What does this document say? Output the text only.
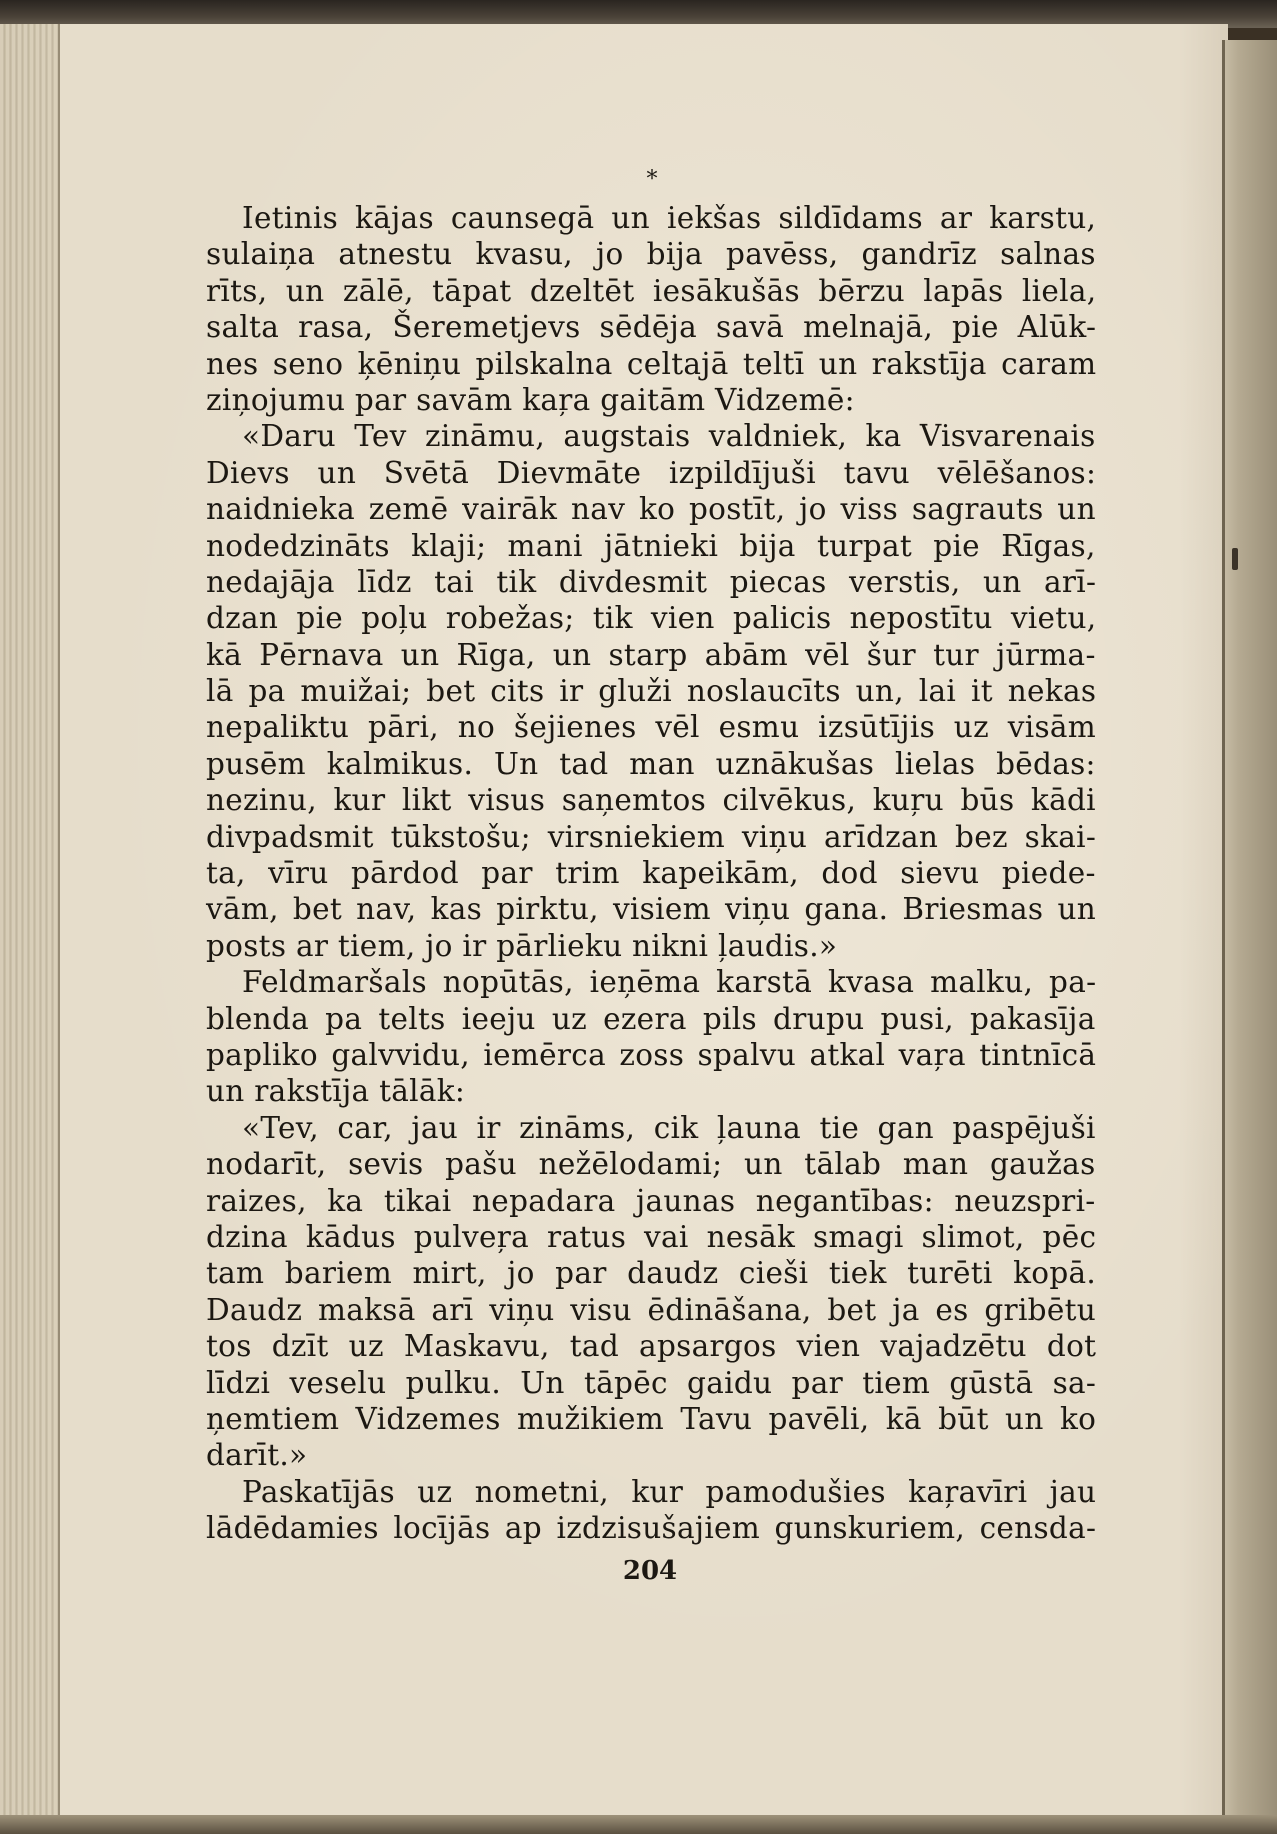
*
Ietinis kājas caunsegā un iekšas sildīdams ar karstu,
sulaiņa atnestu kvasu, jo bija pavēss, gandrīz salnas
rīts, un zālē, tāpat dzeltēt iesākušās bērzu lapās liela,
salta rasa, Šeremetjevs sēdēja savā melnajā, pie Alūk-
nes seno ķēniņu pilskalna celtajā teltī un rakstīja caram
ziņojumu par savām kaŗa gaitām Vidzemē:
«Daru Tev zināmu, augstais valdniek, ka Visvarenais
Dievs un Svētā Dievmāte izpildījuši tavu vēlēšanos:
naidnieka zemē vairāk nav ko postīt, jo viss sagrauts un
nodedzināts klaji; mani jātnieki bija turpat pie Rīgas,
nedajāja līdz tai tik divdesmit piecas verstis, un arī-
dzan pie poļu robežas; tik vien palicis nepostītu vietu,
kā Pērnava un Rīga, un starp abām vēl šur tur jūrma-
lā pa muižai; bet cits ir gluži noslaucīts un, lai it nekas
nepaliktu pāri, no šejienes vēl esmu izsūtījis uz visām
pusēm kalmikus. Un tad man uznākušas lielas bēdas:
nezinu, kur likt visus saņemtos cilvēkus, kuŗu būs kādi
divpadsmit tūkstošu; virsniekiem viņu arīdzan bez skai-
ta, vīru pārdod par trim kapeikām, dod sievu piede-
vām, bet nav, kas pirktu, visiem viņu gana. Briesmas un
posts ar tiem, jo ir pārlieku nikni ļaudis.»
Feldmaršals nopūtās, ieņēma karstā kvasa malku, pa-
blenda pa telts ieeju uz ezera pils drupu pusi, pakasīja
papliko galvvidu, iemērca zoss spalvu atkal vaŗa tintnīcā
un rakstīja tālāk:
«Tev, car, jau ir zināms, cik ļauna tie gan paspējuši
nodarīt, sevis pašu nežēlodami; un tālab man gaužas
raizes, ka tikai nepadara jaunas negantības: neuzspri-
dzina kādus pulveŗa ratus vai nesāk smagi slimot, pēc
tam bariem mirt, jo par daudz cieši tiek turēti kopā.
Daudz maksā arī viņu visu ēdināšana, bet ja es gribētu
tos dzīt uz Maskavu, tad apsargos vien vajadzētu dot
līdzi veselu pulku. Un tāpēc gaidu par tiem gūstā sa-
ņemtiem Vidzemes mužikiem Tavu pavēli, kā būt un ko
darīt.»
Paskatījās uz nometni, kur pamodušies kaŗavīri jau
lādēdamies locījās ap izdzisušajiem gunskuriem, censda-
204
